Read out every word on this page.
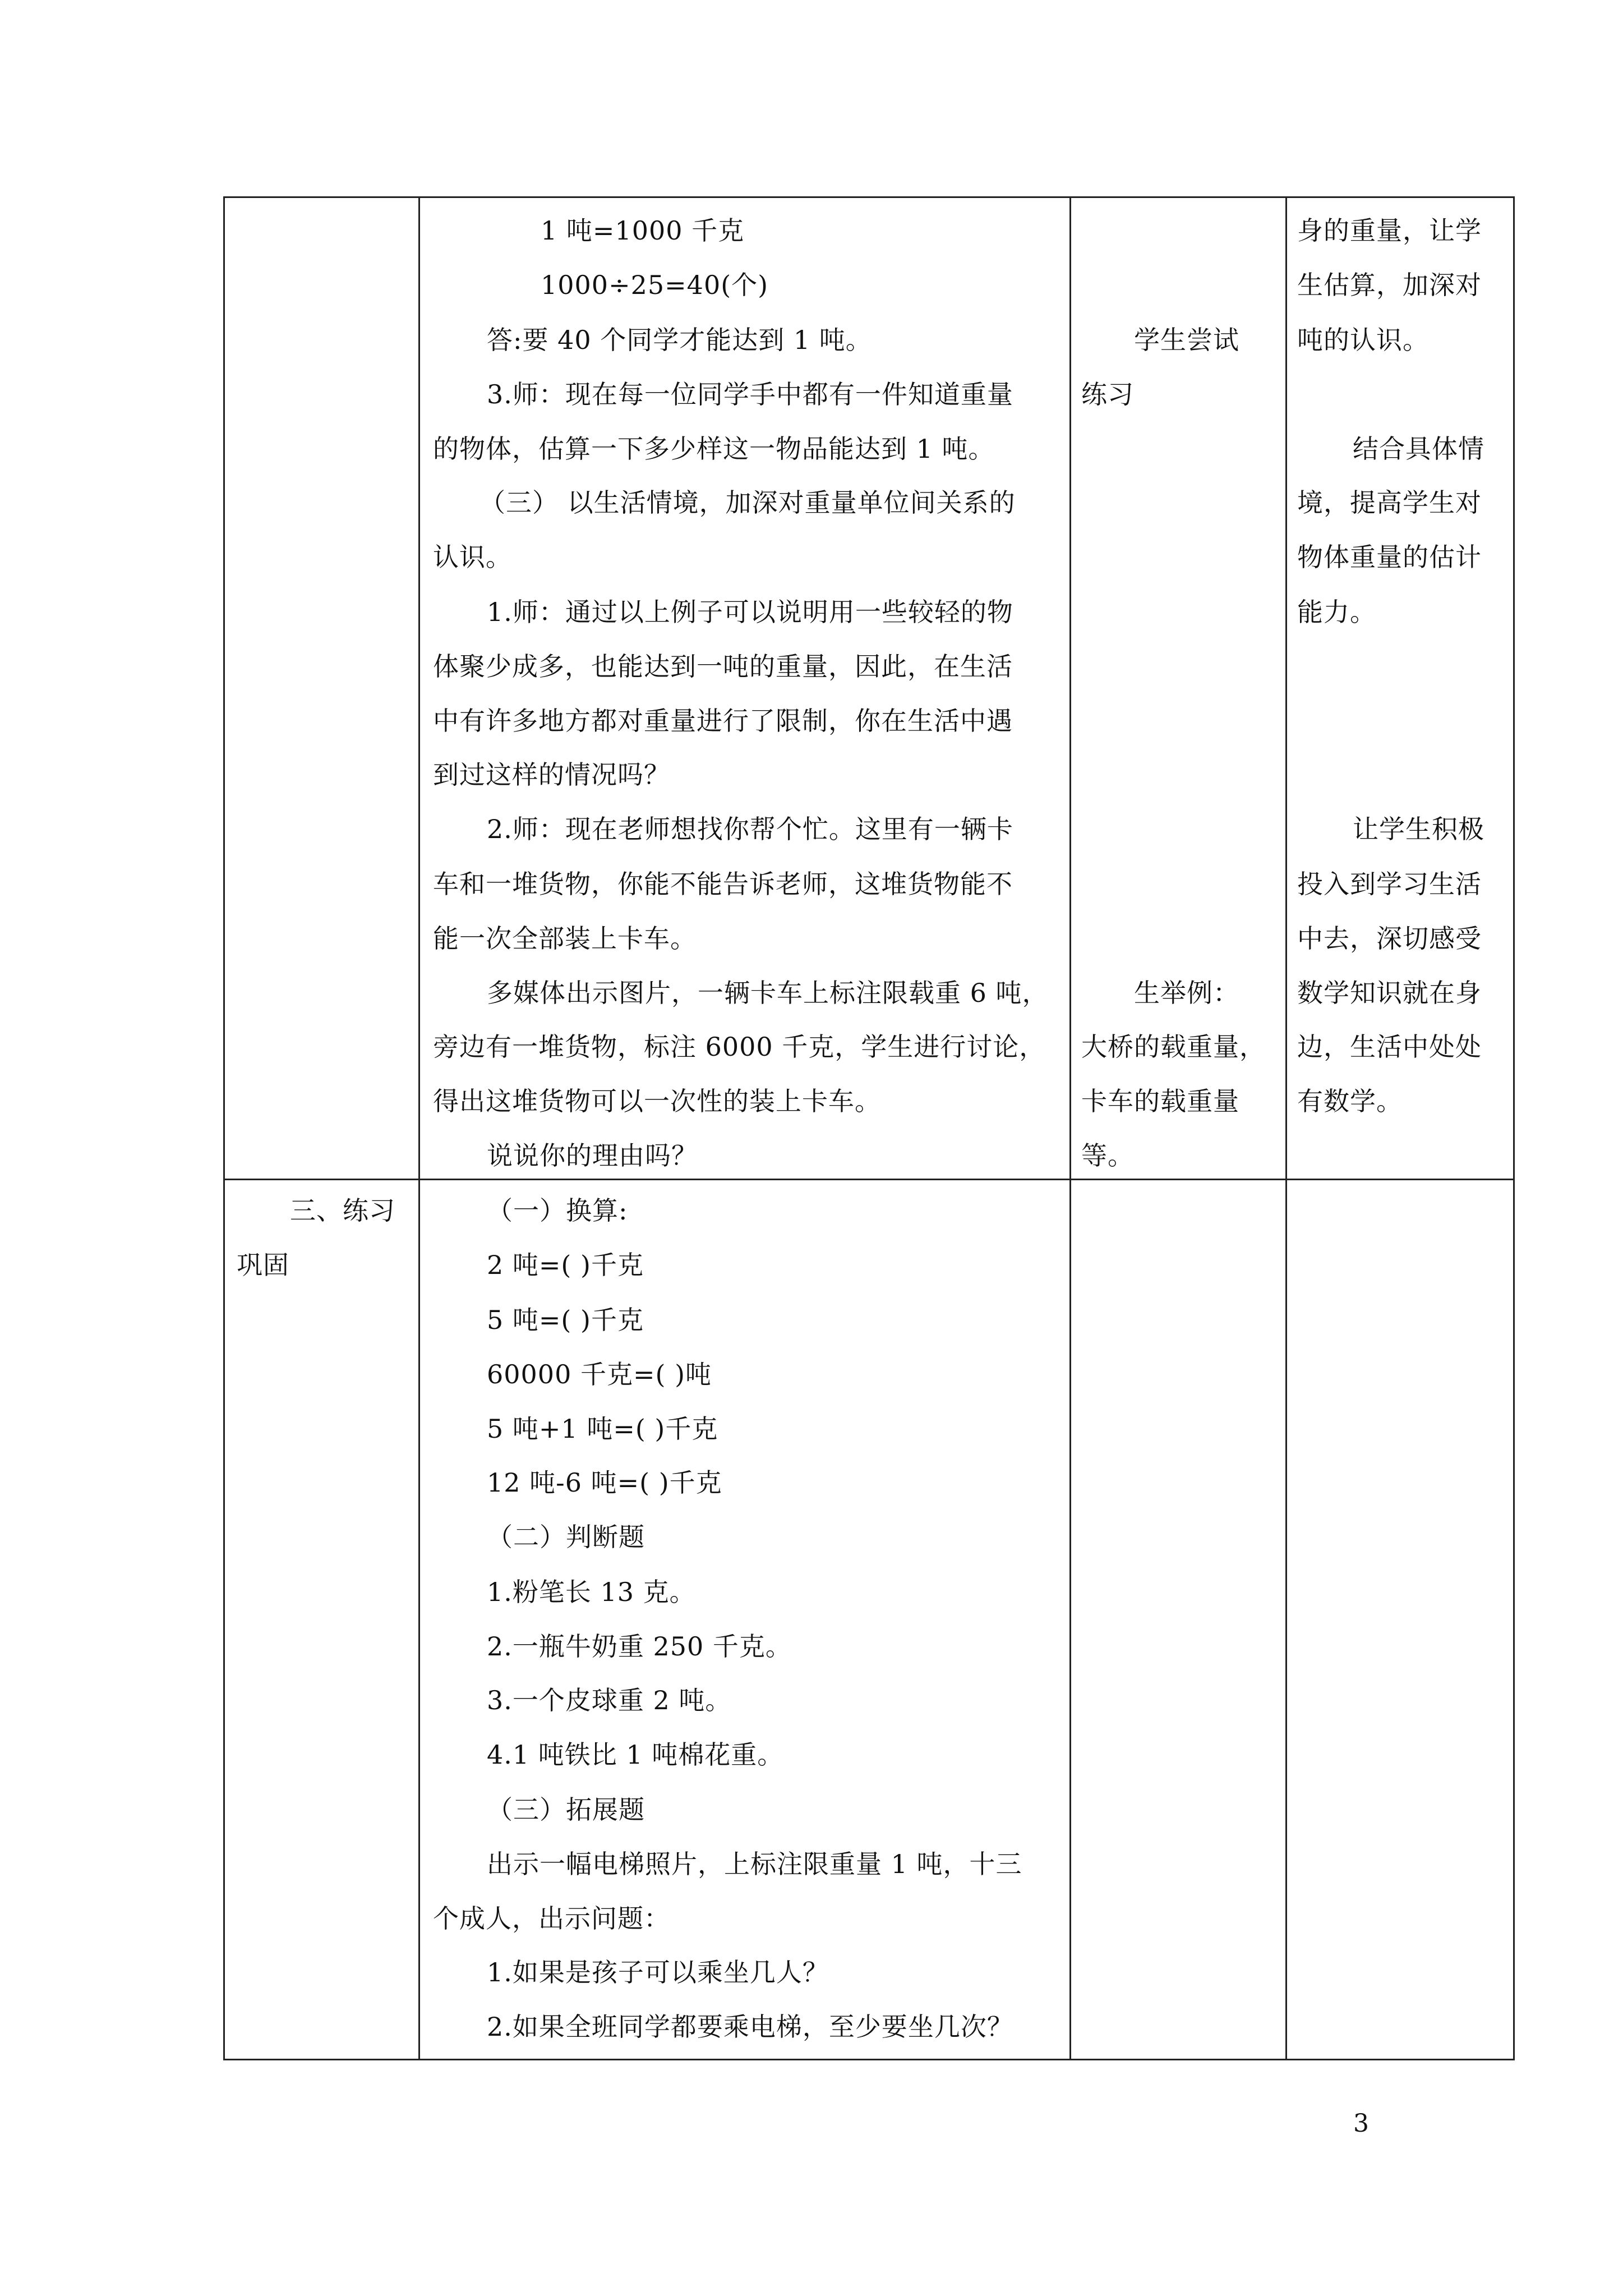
1 吨=1000 千克
1000÷25=40(个)
答:要 40 个同学才能达到 1 吨。
3.师：现在每一位同学手中都有一件知道重量
的物体，估算一下多少样这一物品能达到 1 吨。
（三） 以生活情境，加深对重量单位间关系的
认识。
1.师：通过以上例子可以说明用一些较轻的物
体聚少成多，也能达到一吨的重量，因此，在生活
中有许多地方都对重量进行了限制，你在生活中遇
到过这样的情况吗？
2.师：现在老师想找你帮个忙。这里有一辆卡
车和一堆货物，你能不能告诉老师，这堆货物能不
能一次全部装上卡车。
多媒体出示图片，一辆卡车上标注限载重 6 吨，
旁边有一堆货物，标注 6000 千克，学生进行讨论，
得出这堆货物可以一次性的装上卡车。
说说你的理由吗？
学生尝试
练习
生举例：
大桥的载重量，
卡车的载重量
等。
身的重量，让学
生估算，加深对
吨的认识。
结合具体情
境，提高学生对
物体重量的估计
能力。
让学生积极
投入到学习生活
中去，深切感受
数学知识就在身
边，生活中处处
有数学。
三、练习
巩固
（一）换算:
2 吨=( )千克
5 吨=( )千克
60000 千克=( )吨
5 吨+1 吨=( )千克
12 吨-6 吨=( )千克
（二）判断题
1.粉笔长 13 克。
2.一瓶牛奶重 250 千克。
3.一个皮球重 2 吨。
4.1 吨铁比 1 吨棉花重。
（三）拓展题
出示一幅电梯照片，上标注限重量 1 吨，十三
个成人，出示问题：
1.如果是孩子可以乘坐几人？
2.如果全班同学都要乘电梯，至少要坐几次？
3
